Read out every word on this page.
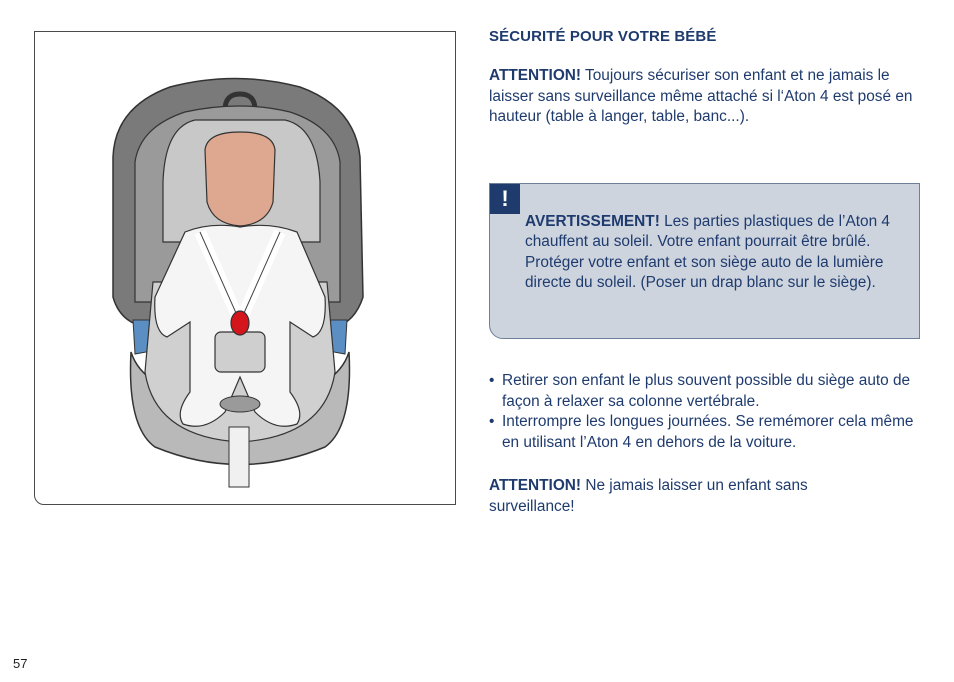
SÉCURITÉ POUR VOTRE BÉBÉ
ATTENTION! Toujours sécuriser son enfant et ne jamais le laisser sans surveillance même attaché si l‘Aton 4 est posé en hauteur (table à langer, table, banc...).
!
AVERTISSEMENT! Les parties plastiques de l’Aton 4 chauffent au soleil. Votre enfant pourrait être brûlé. Protéger votre enfant et son siège auto de la lumière directe du soleil. (Poser un drap blanc sur le siège).
• Retirer son enfant le plus souvent possible du siège auto de façon à relaxer sa colonne vertébrale.
• Interrompre les longues journées. Se remémorer cela même en utilisant l’Aton 4 en dehors de la voiture.
ATTENTION! Ne jamais laisser un enfant sans surveillance!
57
